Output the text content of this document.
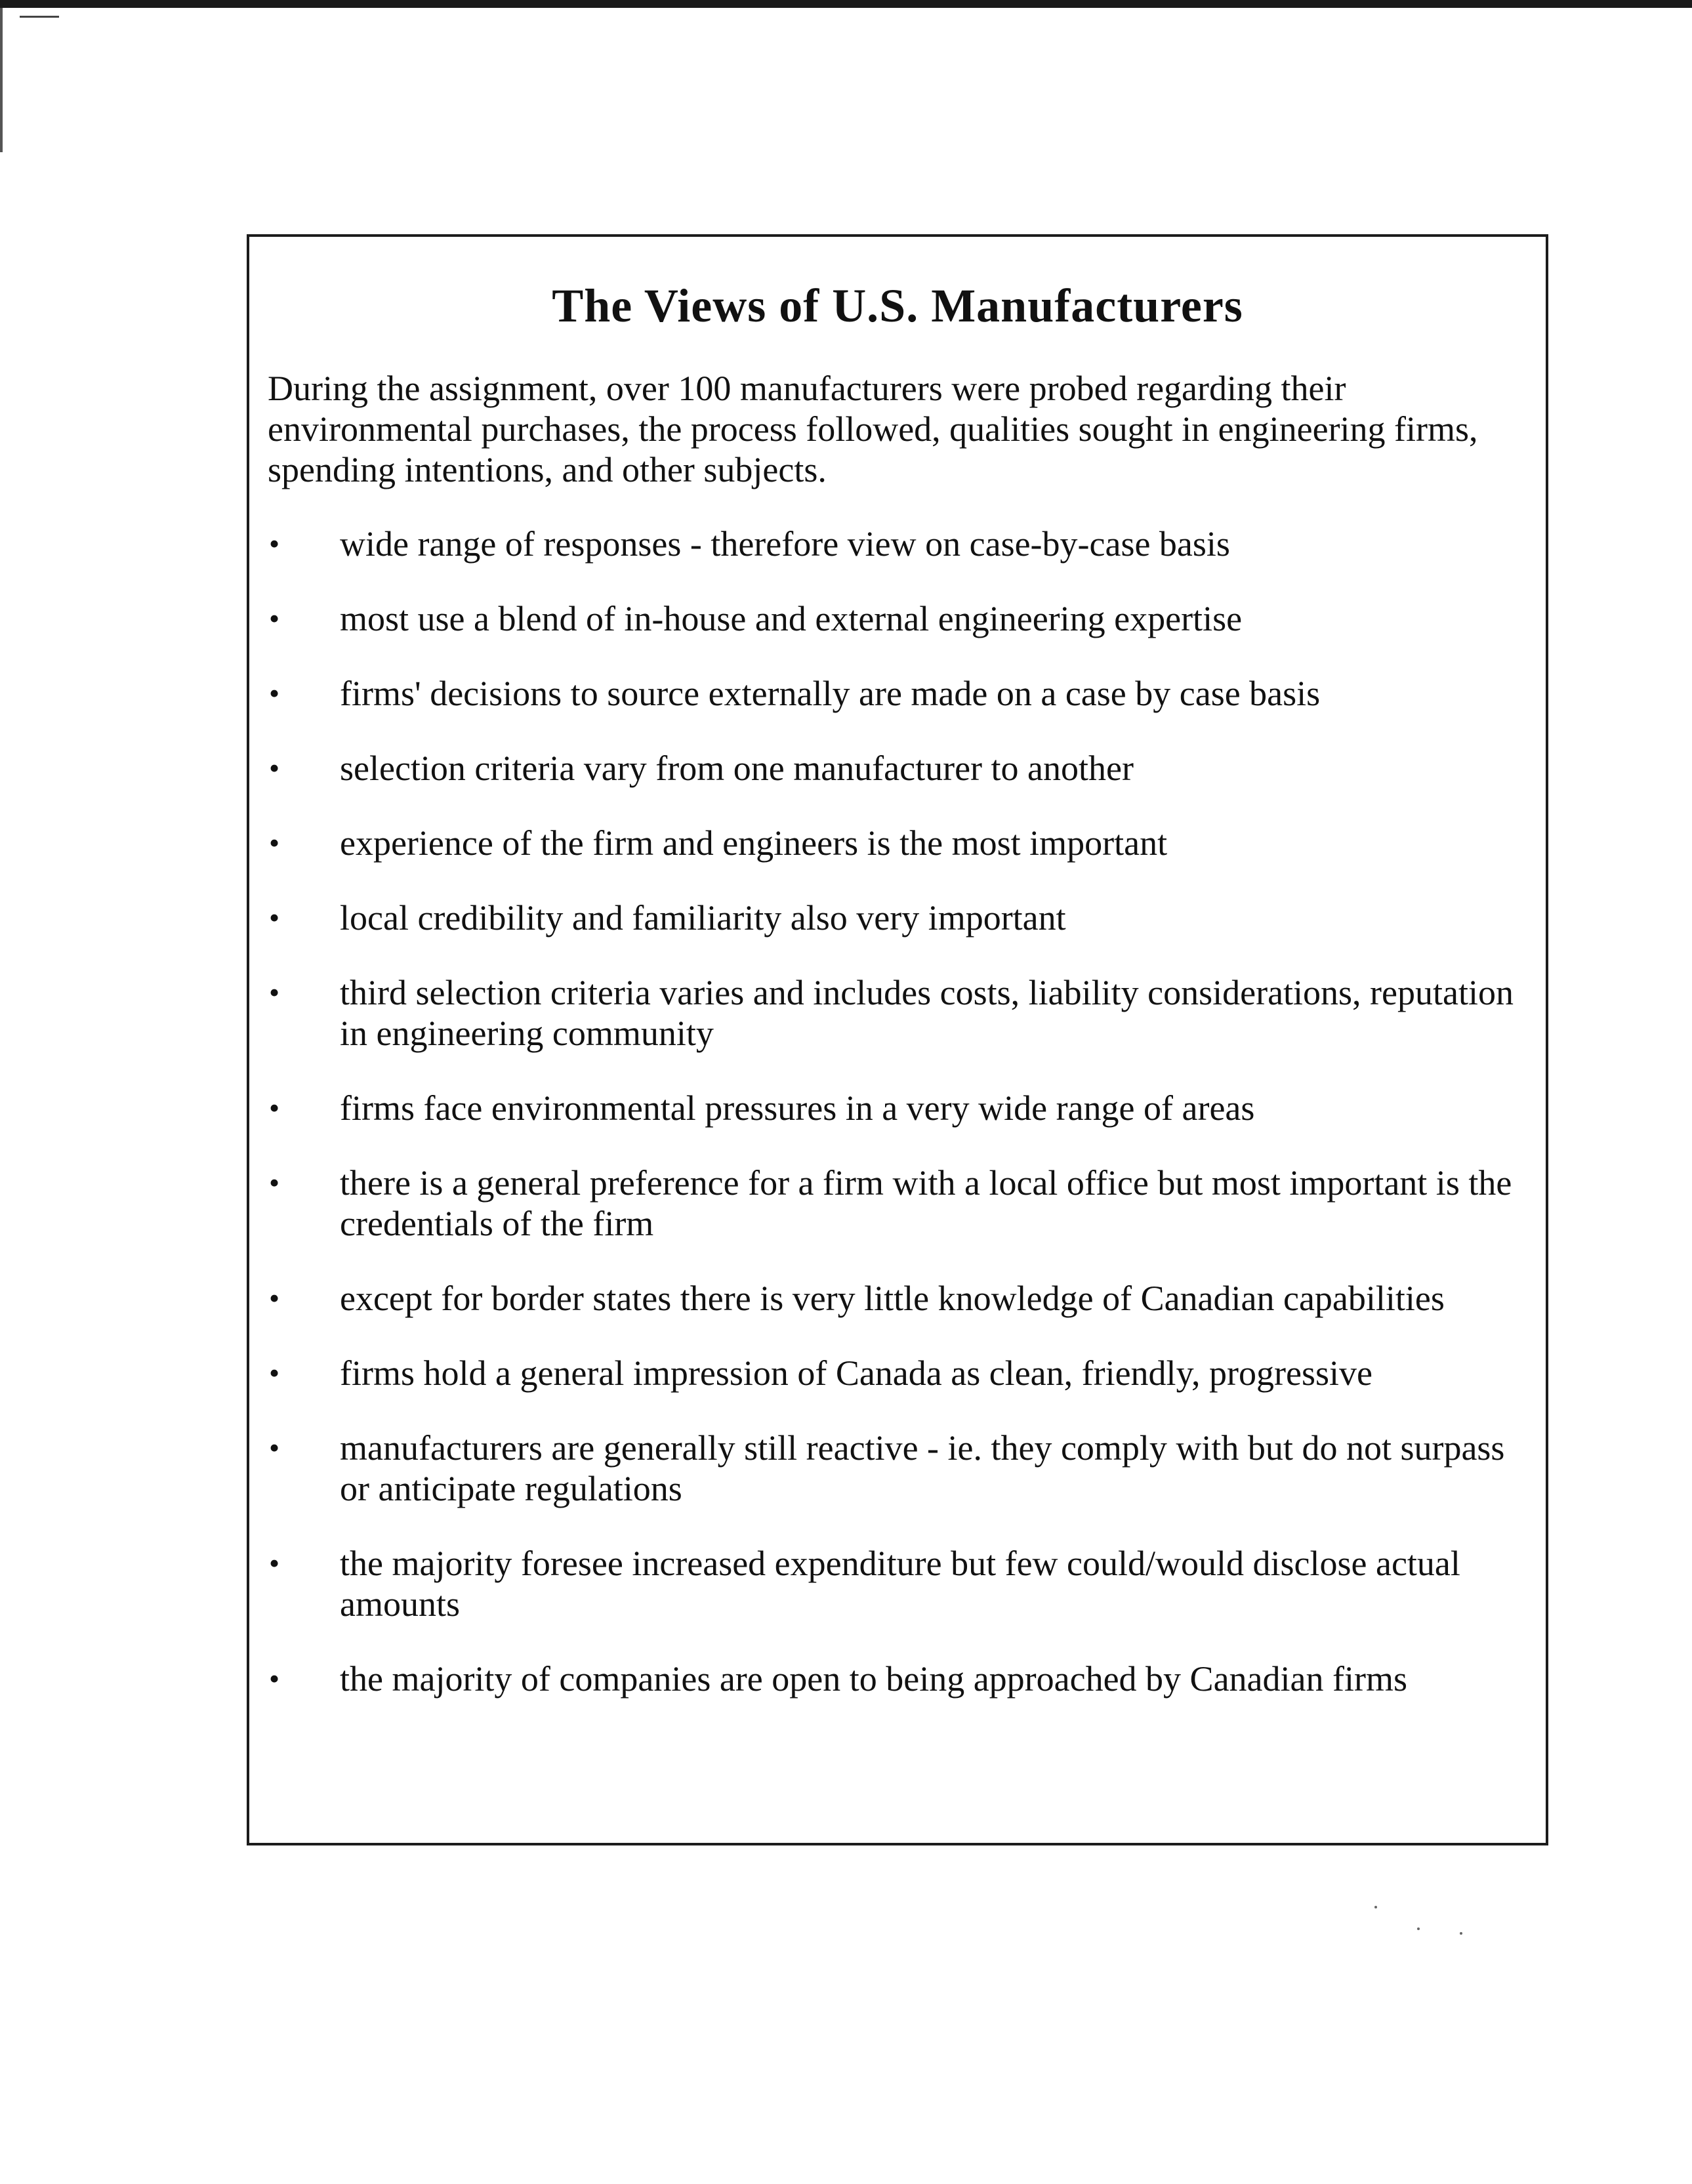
The Views of U.S. Manufacturers

During the assignment, over 100 manufacturers were probed regarding their environmental purchases, the process followed, qualities sought in engineering firms, spending intentions, and other subjects.

• wide range of responses - therefore view on case-by-case basis
• most use a blend of in-house and external engineering expertise
• firms' decisions to source externally are made on a case by case basis
• selection criteria vary from one manufacturer to another
• experience of the firm and engineers is the most important
• local credibility and familiarity also very important
• third selection criteria varies and includes costs, liability considerations, reputation in engineering community
• firms face environmental pressures in a very wide range of areas
• there is a general preference for a firm with a local office but most important is the credentials of the firm
• except for border states there is very little knowledge of Canadian capabilities
• firms hold a general impression of Canada as clean, friendly, progressive
• manufacturers are generally still reactive - ie. they comply with but do not surpass or anticipate regulations
• the majority foresee increased expenditure but few could/would disclose actual amounts
• the majority of companies are open to being approached by Canadian firms
